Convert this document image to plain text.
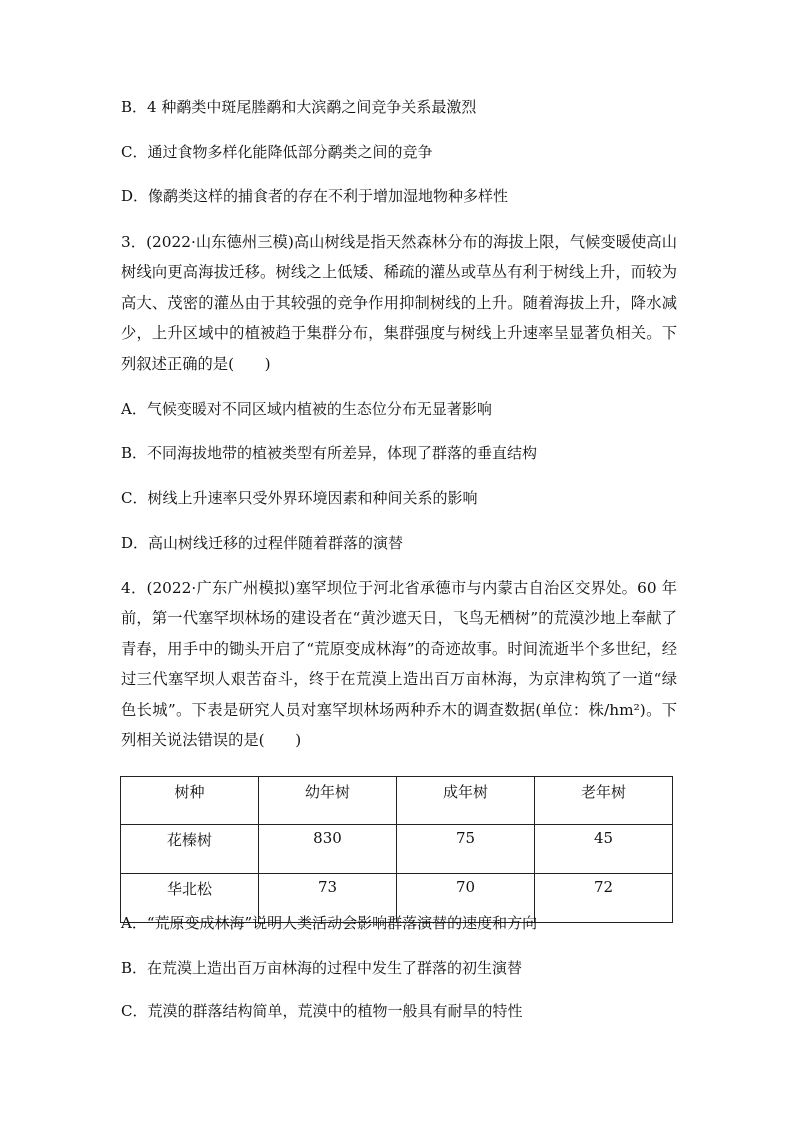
B．4 种鹬类中斑尾塍鹬和大滨鹬之间竞争关系最激烈
C．通过食物多样化能降低部分鹬类之间的竞争
D．像鹬类这样的捕食者的存在不利于增加湿地物种多样性
3．(2022·山东德州三模)高山树线是指天然森林分布的海拔上限，气候变暖使高山树线向更高海拔迁移。树线之上低矮、稀疏的灌丛或草丛有利于树线上升，而较为高大、茂密的灌丛由于其较强的竞争作用抑制树线的上升。随着海拔上升，降水减少，上升区域中的植被趋于集群分布，集群强度与树线上升速率呈显著负相关。下列叙述正确的是(　　)
A．气候变暖对不同区域内植被的生态位分布无显著影响
B．不同海拔地带的植被类型有所差异，体现了群落的垂直结构
C．树线上升速率只受外界环境因素和种间关系的影响
D．高山树线迁移的过程伴随着群落的演替
4．(2022·广东广州模拟)塞罕坝位于河北省承德市与内蒙古自治区交界处。60 年前，第一代塞罕坝林场的建设者在“黄沙遮天日，飞鸟无栖树”的荒漠沙地上奉献了青春，用手中的锄头开启了“荒原变成林海”的奇迹故事。时间流逝半个多世纪，经过三代塞罕坝人艰苦奋斗，终于在荒漠上造出百万亩林海，为京津构筑了一道“绿色长城”。下表是研究人员对塞罕坝林场两种乔木的调查数据(单位：株/hm²)。下列相关说法错误的是(　　)
树种	幼年树	成年树	老年树
花榛树	830	75	45
华北松	73	70	72
A．“荒原变成林海”说明人类活动会影响群落演替的速度和方向
B．在荒漠上造出百万亩林海的过程中发生了群落的初生演替
C．荒漠的群落结构简单，荒漠中的植物一般具有耐旱的特性
